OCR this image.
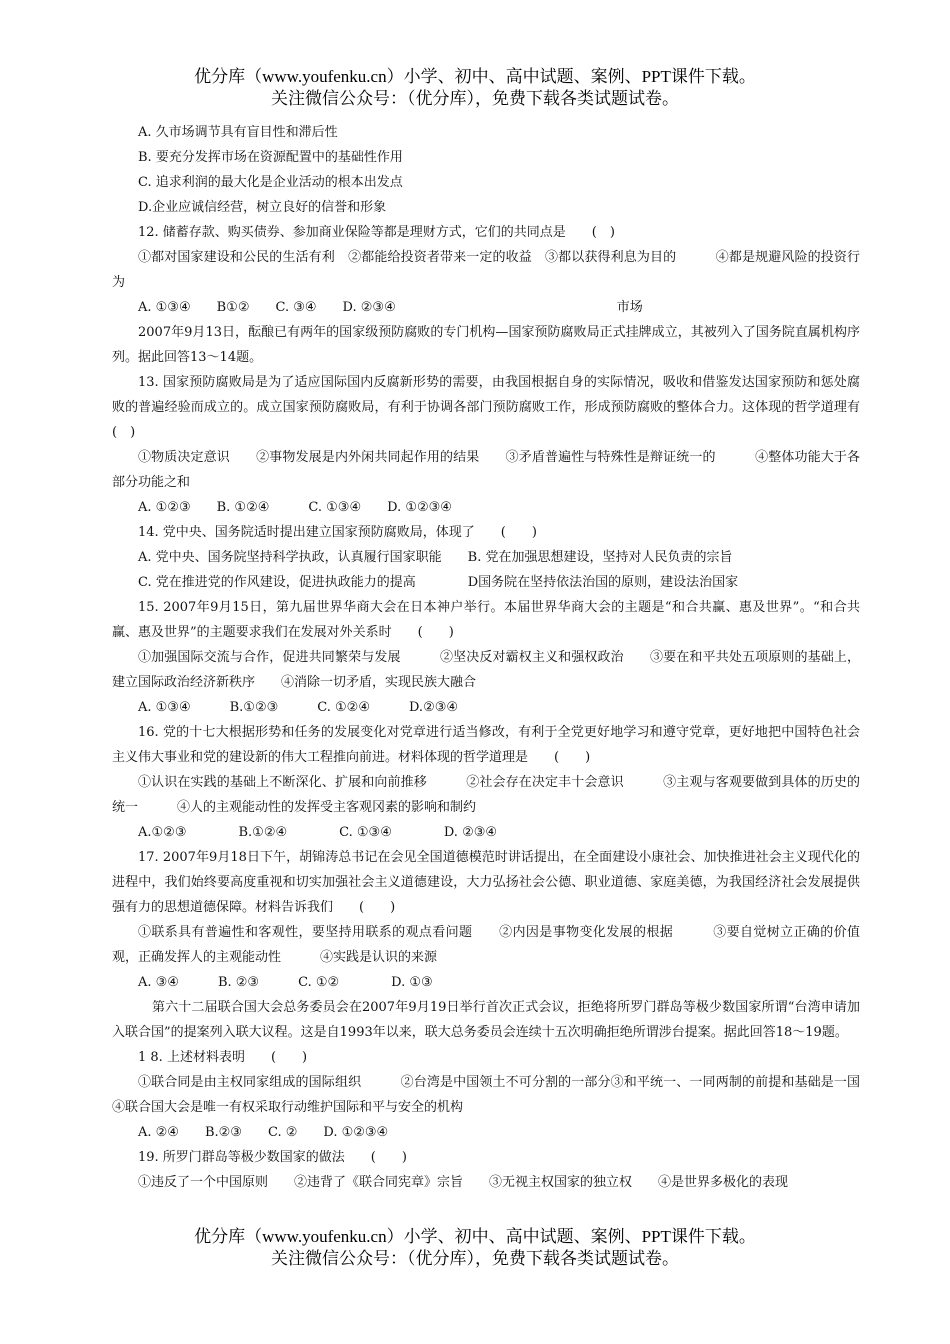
优分库（www.youfenku.cn）小学、初中、高中试题、案例、PPT课件下载。
关注微信公众号：（优分库），免费下载各类试题试卷。

A. 久市场调节具有盲目性和滞后性

B. 要充分发挥市场在资源配置中的基础性作用

C. 追求利润的最大化是企业活动的根本出发点

D.企业应诚信经营，树立良好的信誉和形象

12. 储蓄存款、购买债券、参加商业保险等都是理财方式，它们的共同点是　　(　)

①都对国家建设和公民的生活有利　②都能给投资者带来一定的收益　③都以获得利息为目的　　　④都是规避风险的投资行为

A. ①③④　　B①②　　C. ③④　　D. ②③④　　　　　　　　　　　　　　　　　市场

2007年9月13日，酝酿已有两年的国家级预防腐败的专门机构—国家预防腐败局正式挂牌成立，其被列入了国务院直属机构序列。据此回答13～14题。

13. 国家预防腐败局是为了适应国际国内反腐新形势的需要，由我国根据自身的实际情况，吸收和借鉴发达国家预防和惩处腐败的普遍经验而成立的。成立国家预防腐败局，有利于协调各部门预防腐败工作，形成预防腐败的整体合力。这体现的哲学道理有　　(　)

①物质决定意识　　②事物发展是内外闲共同起作用的结果　　③矛盾普遍性与特殊性是辩证统一的　　　④整体功能大于各部分功能之和

A. ①②③　　B. ①②④　　　C. ①③④　　D. ①②③④

14. 党中央、国务院适时提出建立国家预防腐败局，体现了　　(　　)

A. 党中央、国务院坚持科学执政，认真履行国家职能　　B. 党在加强思想建设，坚持对人民负责的宗旨

C. 党在推进党的作风建设，促进执政能力的提高　　　　D国务院在坚持依法治国的原则，建设法治国家

15. 2007年9月15日，第九届世界华商大会在日本神户举行。本届世界华商大会的主题是“和合共赢、惠及世界”。“和合共赢、惠及世界”的主题要求我们在发展对外关系时　　(　　)

①加强国际交流与合作，促进共同繁荣与发展　　　②坚决反对霸权主义和强权政治　　③要在和平共处五项原则的基础上，建立国际政治经济新秩序　　④消除一切矛盾，实现民族大融合

A. ①③④　　　B.①②③　　　C. ①②④　　　D.②③④

16. 党的十七大根据形势和任务的发展变化对党章进行适当修改，有利于全党更好地学习和遵守党章，更好地把中国特色社会主义伟大事业和党的建设新的伟大工程推向前进。材料体现的哲学道理是　　(　　)

①认识在实践的基础上不断深化、扩展和向前推移　　　②社会存在决定丰十会意识　　　③主观与客观要做到具体的历史的统一　　　④人的主观能动性的发挥受主客观冈素的影响和制约

A.①②③　　　　B.①②④　　　　C. ①③④　　　　D. ②③④

17. 2007年9月18日下午，胡锦涛总书记在会见全国道德模范时讲话提出，在全面建设小康社会、加快推进社会主义现代化的进程中，我们始终要高度重视和切实加强社会主义道德建设，大力弘扬社会公德、职业道德、家庭美德，为我国经济社会发展提供强有力的思想道德保障。材料告诉我们　　(　　)

①联系具有普遍性和客观性，要坚持用联系的观点看问题　　②内因是事物变化发展的根据　　　③要自觉树立正确的价值观，正确发挥人的主观能动性　　　④实践是认识的来源

A. ③④　　　B. ②③　　　C. ①②　　　　D. ①③

第六十二届联合国大会总务委员会在2007年9月19日举行首次正式会议，拒绝将所罗门群岛等极少数国家所谓“台湾申请加入联合国”的提案列入联大议程。这是自1993年以来，联大总务委员会连续十五次明确拒绝所谓涉台提案。据此回答18～19题。

1 8. 上述材料表明　　(　　)

①联合同是由主权同家组成的国际组织　　　②台湾是中国领土不可分割的一部分③和平统一、一同两制的前提和基础是一国　　　④联合国大会是唯一有权采取行动维护国际和平与安全的机构

A. ②④　　B.②③　　C. ②　　D. ①②③④

19. 所罗门群岛等极少数国家的做法　　(　　)

①违反了一个中国原则　　②违背了《联合同宪章》宗旨　　③无视主权国家的独立权　　④是世界多极化的表现

优分库（www.youfenku.cn）小学、初中、高中试题、案例、PPT课件下载。
关注微信公众号：（优分库），免费下载各类试题试卷。
